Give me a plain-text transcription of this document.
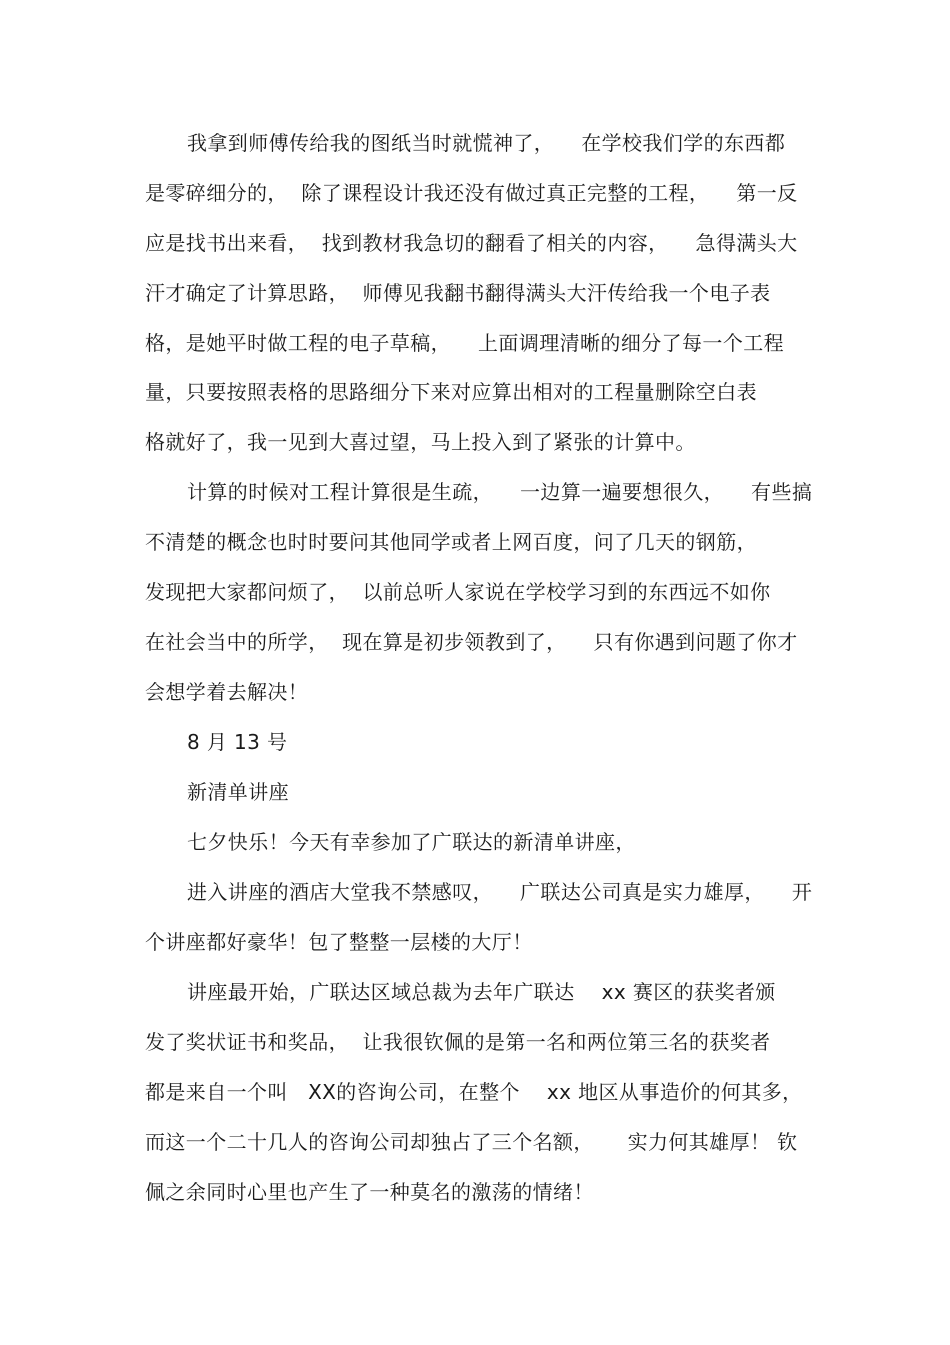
我拿到师傅传给我的图纸当时就慌神了，    在学校我们学的东西都
是零碎细分的，  除了课程设计我还没有做过真正完整的工程，    第一反
应是找书出来看，  找到教材我急切的翻看了相关的内容，    急得满头大
汗才确定了计算思路，  师傅见我翻书翻得满头大汗传给我一个电子表
格，是她平时做工程的电子草稿，    上面调理清晰的细分了每一个工程
量，只要按照表格的思路细分下来对应算出相对的工程量删除空白表
格就好了，我一见到大喜过望，马上投入到了紧张的计算中。
计算的时候对工程计算很是生疏，    一边算一遍要想很久，    有些搞
不清楚的概念也时时要问其他同学或者上网百度，问了几天的钢筋，
发现把大家都问烦了，  以前总听人家说在学校学习到的东西远不如你
在社会当中的所学，  现在算是初步领教到了，    只有你遇到问题了你才
会想学着去解决！
8 月 13 号
新清单讲座
七夕快乐！今天有幸参加了广联达的新清单讲座，
进入讲座的酒店大堂我不禁感叹，    广联达公司真是实力雄厚，    开
个讲座都好豪华！包了整整一层楼的大厅！
讲座最开始，广联达区域总裁为去年广联达    xx 赛区的获奖者颁
发了奖状证书和奖品，  让我很钦佩的是第一名和两位第三名的获奖者
都是来自一个叫   XX的咨询公司，在整个    xx 地区从事造价的何其多，
而这一个二十几人的咨询公司却独占了三个名额，     实力何其雄厚！ 钦
佩之余同时心里也产生了一种莫名的激荡的情绪！
